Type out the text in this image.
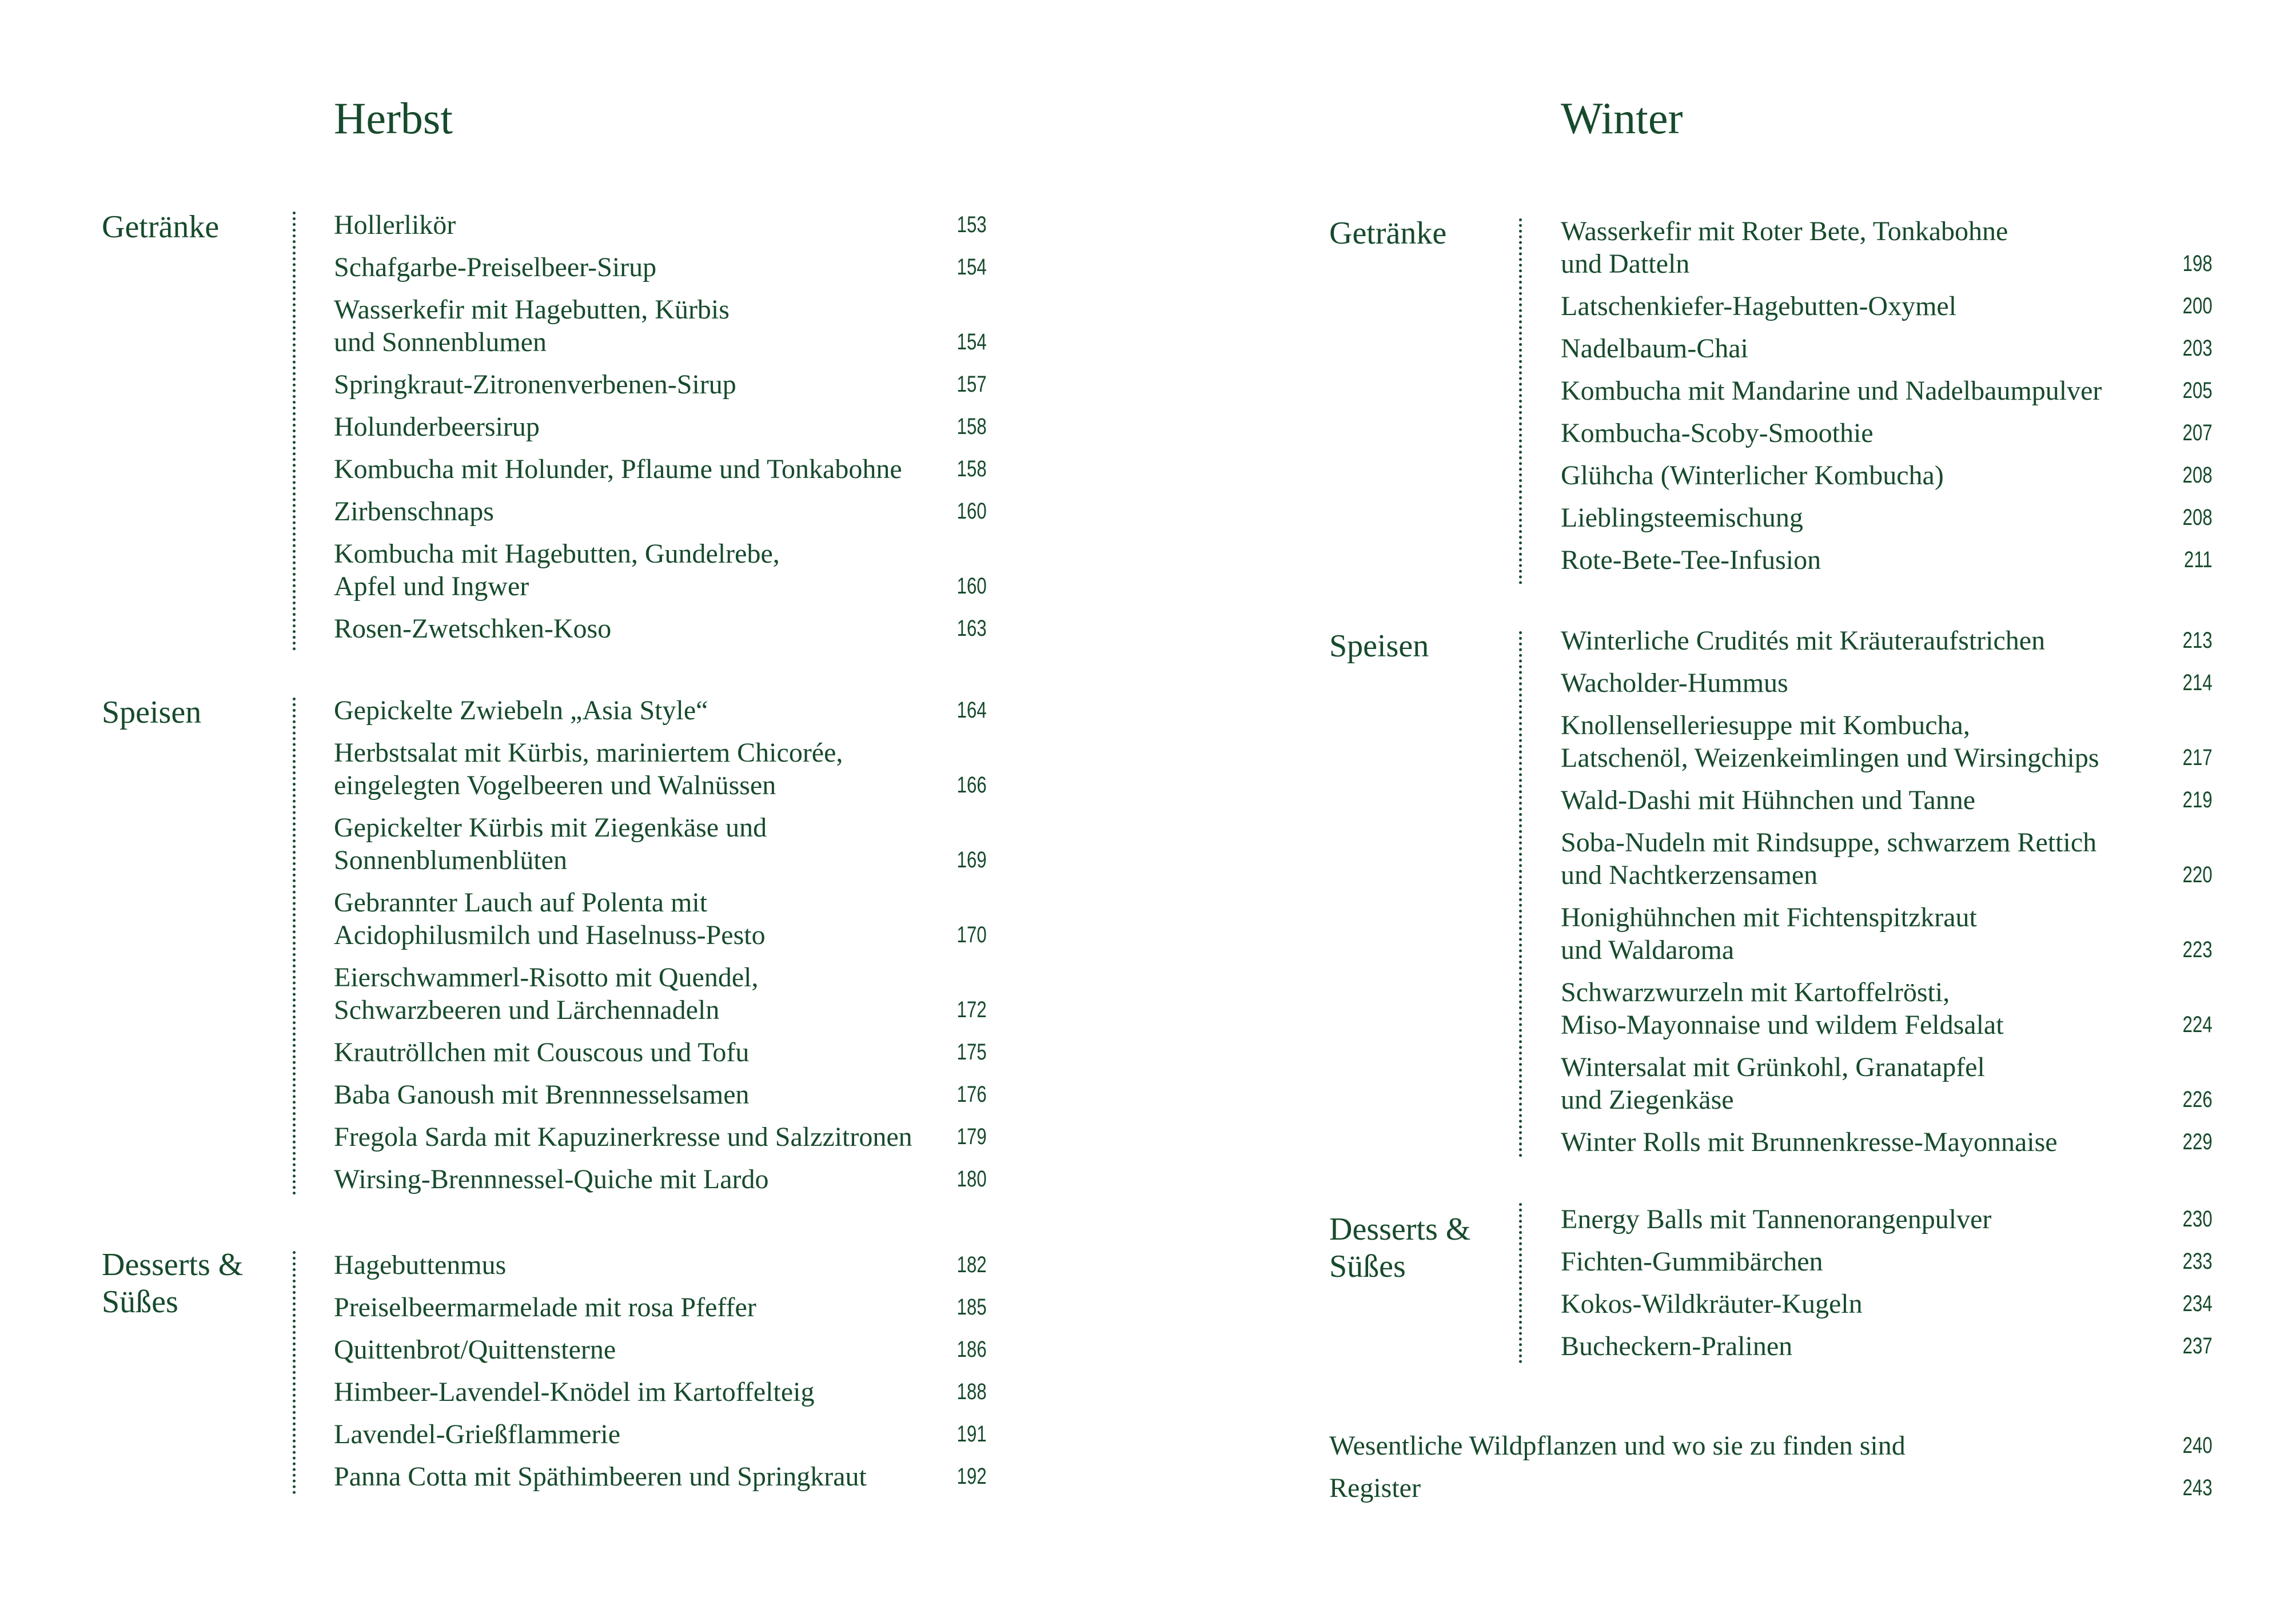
Herbst
Getränke	Hollerlikör	153
Schafgarbe-Preiselbeer-Sirup	154
Wasserkefir mit Hagebutten, Kürbis
und Sonnenblumen	154
Springkraut-Zitronenverbenen-Sirup	157
Holunderbeersirup	158
Kombucha mit Holunder, Pflaume und Tonkabohne	158
Zirbenschnaps	160
Kombucha mit Hagebutten, Gundelrebe,
Apfel und Ingwer	160
Rosen-Zwetschken-Koso	163
Speisen	Gepickelte Zwiebeln „Asia Style“	164
Herbstsalat mit Kürbis, mariniertem Chicorée,
eingelegten Vogelbeeren und Walnüssen	166
Gepickelter Kürbis mit Ziegenkäse und
Sonnenblumenblüten	169
Gebrannter Lauch auf Polenta mit
Acidophilusmilch und Haselnuss-Pesto	170
Eierschwammerl-Risotto mit Quendel,
Schwarzbeeren und Lärchennadeln	172
Krautröllchen mit Couscous und Tofu	175
Baba Ganoush mit Brennnesselsamen	176
Fregola Sarda mit Kapuzinerkresse und Salzzitronen	179
Wirsing-Brennnessel-Quiche mit Lardo	180
Desserts &
Süßes
Hagebuttenmus	182
Preiselbeermarmelade mit rosa Pfeffer	185
Quittenbrot/Quittensterne	186
Himbeer-Lavendel-Knödel im Kartoffelteig	188
Lavendel-Grießflammerie	191
Panna Cotta mit Späthimbeeren und Springkraut	192
Winter
Getränke	Wasserkefir mit Roter Bete, Tonkabohne
und Datteln	198
Latschenkiefer-Hagebutten-Oxymel	200
Nadelbaum-Chai	203
Kombucha mit Mandarine und Nadelbaumpulver	205
Kombucha-Scoby-Smoothie	207
Glühcha (Winterlicher Kombucha)	208
Lieblingsteemischung	208
Rote-Bete-Tee-Infusion	211
Speisen	Winterliche Crudités mit Kräuteraufstrichen	213
Wacholder-Hummus	214
Knollenselleriesuppe mit Kombucha,
Latschenöl, Weizenkeimlingen und Wirsingchips	217
Wald-Dashi mit Hühnchen und Tanne	219
Soba-Nudeln mit Rindsuppe, schwarzem Rettich
und Nachtkerzensamen	220
Honighühnchen mit Fichtenspitzkraut
und Waldaroma	223
Schwarzwurzeln mit Kartoffelrösti,
Miso-Mayonnaise und wildem Feldsalat	224
Wintersalat mit Grünkohl, Granatapfel
und Ziegenkäse	226
Winter Rolls mit Brunnenkresse-Mayonnaise	229
Desserts &
Süßes
Energy Balls mit Tannenorangenpulver	230
Fichten-Gummibärchen	233
Kokos-Wildkräuter-Kugeln	234
Bucheckern-Pralinen	237
Wesentliche Wildpflanzen und wo sie zu finden sind	240
Register	243
